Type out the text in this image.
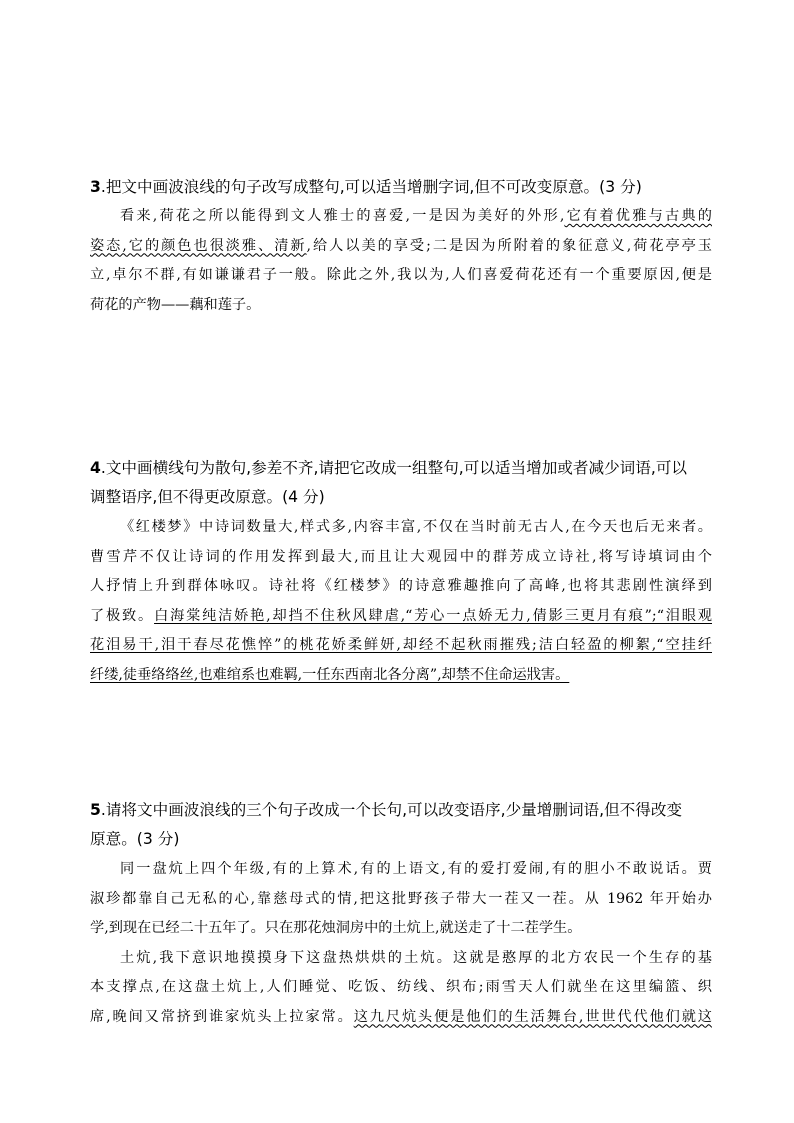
3.把文中画波浪线的句子改写成整句,可以适当增删字词,但不可改变原意。(3 分)
看来,荷花之所以能得到文人雅士的喜爱,一是因为美好的外形,它有着优雅与古典的
姿态,它的颜色也很淡雅、清新,给人以美的享受;二是因为所附着的象征意义,荷花亭亭玉
立,卓尔不群,有如谦谦君子一般。除此之外,我以为,人们喜爱荷花还有一个重要原因,便是
荷花的产物——藕和莲子。
4.文中画横线句为散句,参差不齐,请把它改成一组整句,可以适当增加或者减少词语,可以
调整语序,但不得更改原意。(4 分)
《红楼梦》中诗词数量大,样式多,内容丰富,不仅在当时前无古人,在今天也后无来者。
曹雪芹不仅让诗词的作用发挥到最大,而且让大观园中的群芳成立诗社,将写诗填词由个
人抒情上升到群体咏叹。诗社将《红楼梦》的诗意雅趣推向了高峰,也将其悲剧性演绎到
了极致。白海棠纯洁娇艳,却挡不住秋风肆虐,“芳心一点娇无力,倩影三更月有痕”;“泪眼观
花泪易干,泪干春尽花憔悴”的桃花娇柔鲜妍,却经不起秋雨摧残;洁白轻盈的柳絮,“空挂纤
纤缕,徒垂络络丝,也难绾系也难羁,一任东西南北各分离”,却禁不住命运戕害。
5.请将文中画波浪线的三个句子改成一个长句,可以改变语序,少量增删词语,但不得改变
原意。(3 分)
同一盘炕上四个年级,有的上算术,有的上语文,有的爱打爱闹,有的胆小不敢说话。贾
淑珍都靠自己无私的心,靠慈母式的情,把这批野孩子带大一茬又一茬。从 1962 年开始办
学,到现在已经二十五年了。只在那花烛洞房中的土炕上,就送走了十二茬学生。
土炕,我下意识地摸摸身下这盘热烘烘的土炕。这就是憨厚的北方农民一个生存的基
本支撑点,在这盘土炕上,人们睡觉、吃饭、纺线、织布;雨雪天人们就坐在这里编篮、织
席,晚间又常挤到谁家炕头上拉家常。这九尺炕头便是他们的生活舞台,世世代代他们就这
